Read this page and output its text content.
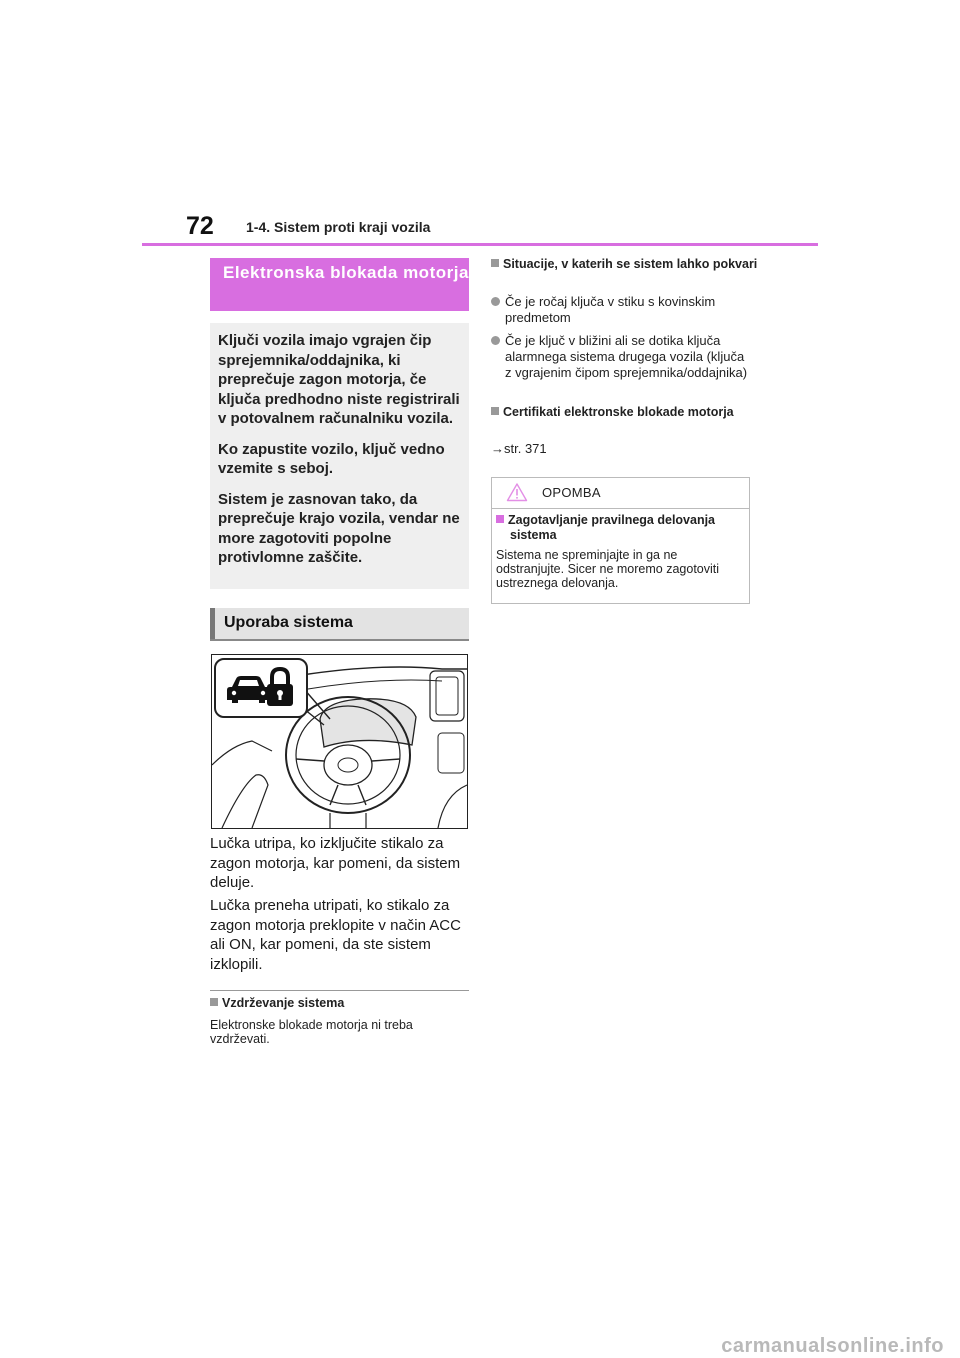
72 1-4. Sistem proti kraji vozila
Elektronska blokada motorja

Ključi vozila imajo vgrajen čip sprejemnika/oddajnika, ki preprečuje zagon motorja, če ključa predhodno niste registrirali v potovalnem računalniku vozila.

Ko zapustite vozilo, ključ vedno vzemite s seboj.

Sistem je zasnovan tako, da preprečuje krajo vozila, vendar ne more zagotoviti popolne protivlomne zaščite.

Uporaba sistema

Lučka utripa, ko izključite stikalo za zagon motorja, kar pomeni, da sistem deluje.

Lučka preneha utripati, ko stikalo za zagon motorja preklopite v način ACC ali ON, kar pomeni, da ste sistem izklopili.

Vzdrževanje sistema
Elektronske blokade motorja ni treba vzdrževati.
Situacije, v katerih se sistem lahko pokvari
Če je ročaj ključa v stiku s kovinskim predmetom
Če je ključ v bližini ali se dotika ključa alarmnega sistema drugega vozila (ključa z vgrajenim čipom sprejemnika/oddajnika)
Certifikati elektronske blokade motorja
→str. 371
OPOMBA
Zagotavljanje pravilnega delovanja sistema
Sistema ne spreminjajte in ga ne odstranjujte. Sicer ne moremo zagotoviti ustreznega delovanja.
carmanualsonline.info
